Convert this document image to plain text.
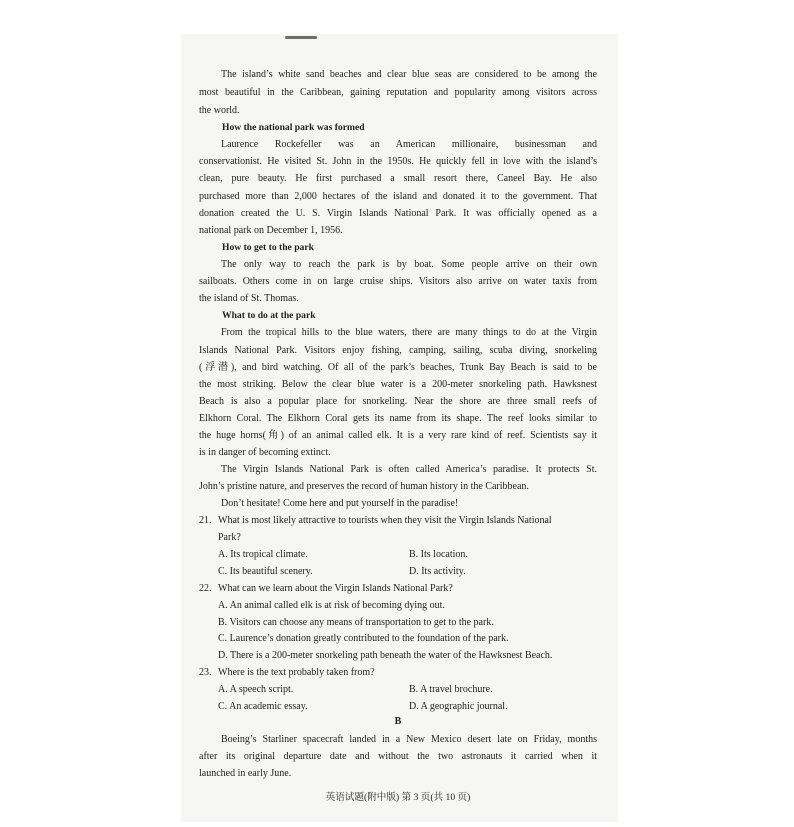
The island’s white sand beaches and clear blue seas are considered to be among the
most beautiful in the Caribbean, gaining reputation and popularity among visitors across
the world.
How the national park was formed
Laurence Rockefeller was an American millionaire, businessman and
conservationist. He visited St. John in the 1950s. He quickly fell in love with the island’s
clean, pure beauty. He first purchased a small resort there, Caneel Bay. He also
purchased more than 2,000 hectares of the island and donated it to the government. That
donation created the U. S. Virgin Islands National Park. It was officially opened as a
national park on December 1, 1956.
How to get to the park
The only way to reach the park is by boat. Some people arrive on their own
sailboats. Others come in on large cruise ships. Visitors also arrive on water taxis from
the island of St. Thomas.
What to do at the park
From the tropical hills to the blue waters, there are many things to do at the Virgin
Islands National Park. Visitors enjoy fishing, camping, sailing, scuba diving, snorkeling
(浮潜), and bird watching. Of all of the park’s beaches, Trunk Bay Beach is said to be
the most striking. Below the clear blue water is a 200-meter snorkeling path. Hawksnest
Beach is also a popular place for snorkeling. Near the shore are three small reefs of
Elkhorn Coral. The Elkhorn Coral gets its name from its shape. The reef looks similar to
the huge horns(角) of an animal called elk. It is a very rare kind of reef. Scientists say it
is in danger of becoming extinct.
The Virgin Islands National Park is often called America’s paradise. It protects St.
John’s pristine nature, and preserves the record of human history in the Caribbean.
Don’t hesitate! Come here and put yourself in the paradise!
21. What is most likely attractive to tourists when they visit the Virgin Islands National
Park?
A. Its tropical climate.	B. Its location.
C. Its beautiful scenery.	D. Its activity.
22. What can we learn about the Virgin Islands National Park?
A. An animal called elk is at risk of becoming dying out.
B. Visitors can choose any means of transportation to get to the park.
C. Laurence’s donation greatly contributed to the foundation of the park.
D. There is a 200-meter snorkeling path beneath the water of the Hawksnest Beach.
23. Where is the text probably taken from?
A. A speech script.	B. A travel brochure.
C. An academic essay.	D. A geographic journal.
B
Boeing’s Starliner spacecraft landed in a New Mexico desert late on Friday, months
after its original departure date and without the two astronauts it carried when it
launched in early June.
英语试题(附中版) 第 3 页(共 10 页)
